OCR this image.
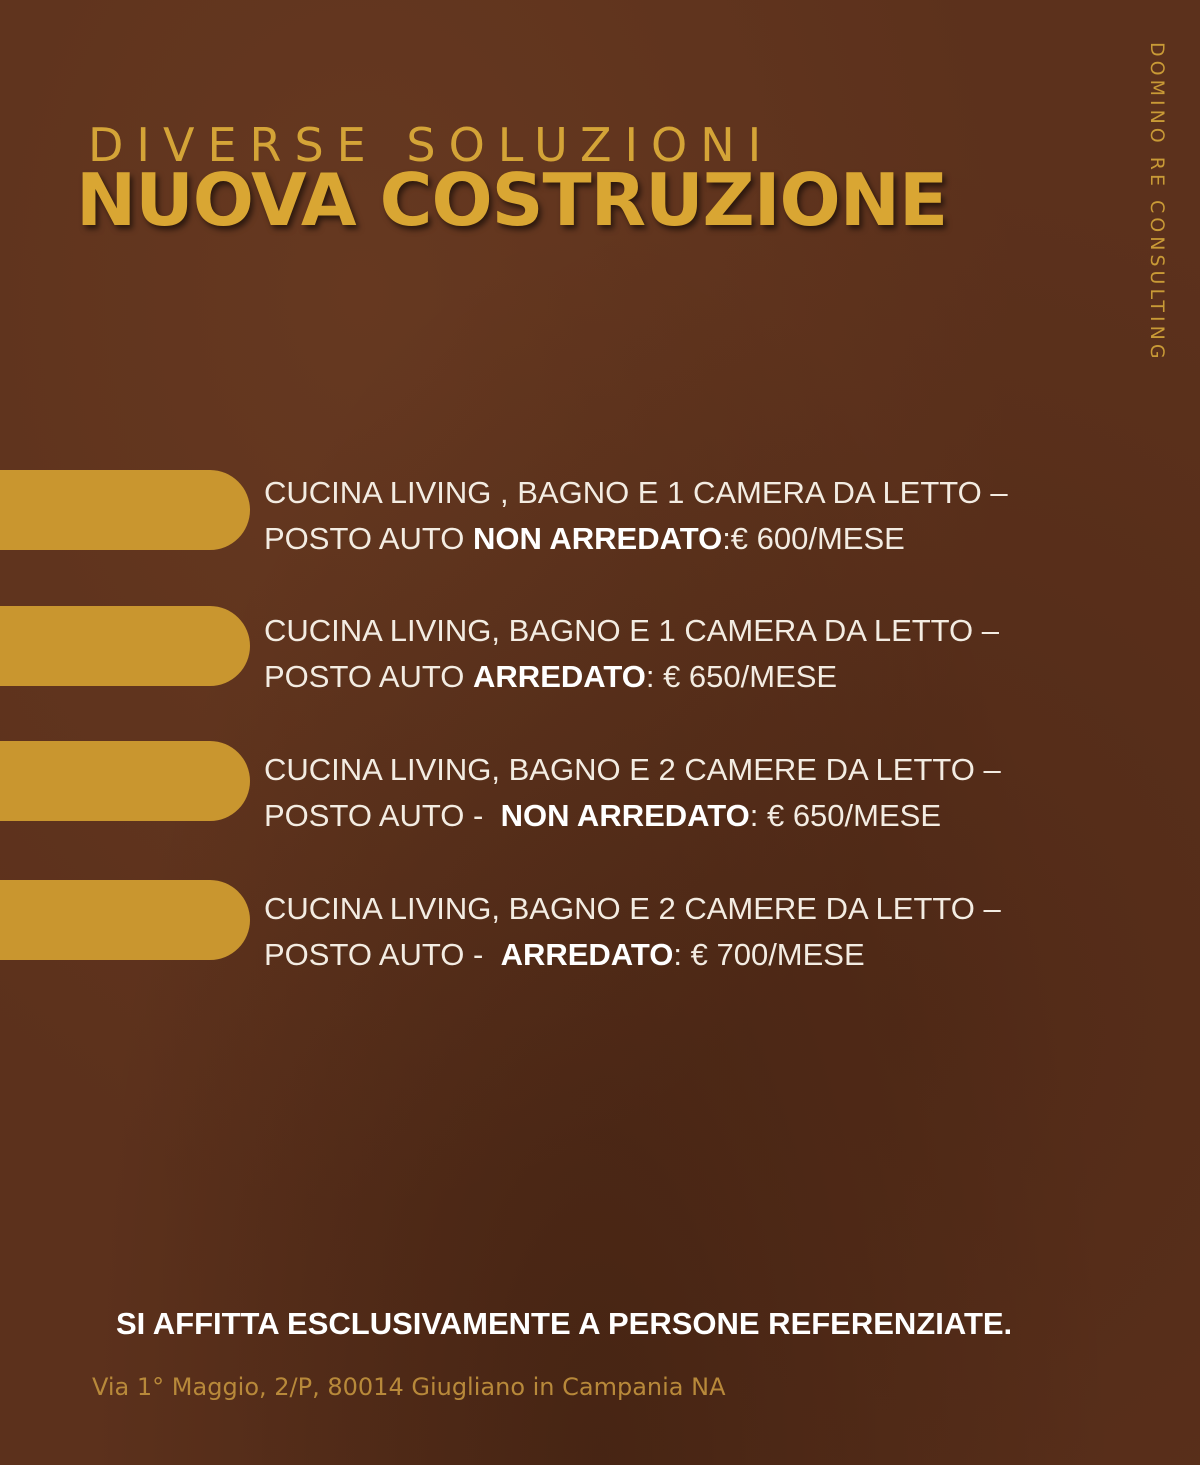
DIVERSE SOLUZIONI
NUOVA COSTRUZIONE	DOMINO RE CONSULTING
CUCINA LIVING , BAGNO E 1 CAMERA DA LETTO –
POSTO AUTO NON ARREDATO:€ 600/MESE
CUCINA LIVING, BAGNO E 1 CAMERA DA LETTO –
POSTO AUTO ARREDATO: € 650/MESE
CUCINA LIVING, BAGNO E 2 CAMERE DA LETTO –
POSTO AUTO -  NON ARREDATO: € 650/MESE
CUCINA LIVING, BAGNO E 2 CAMERE DA LETTO –
POSTO AUTO -  ARREDATO: € 700/MESE

SI AFFITTA ESCLUSIVAMENTE A PERSONE REFERENZIATE.

Via 1° Maggio, 2/P, 80014 Giugliano in Campania NA
